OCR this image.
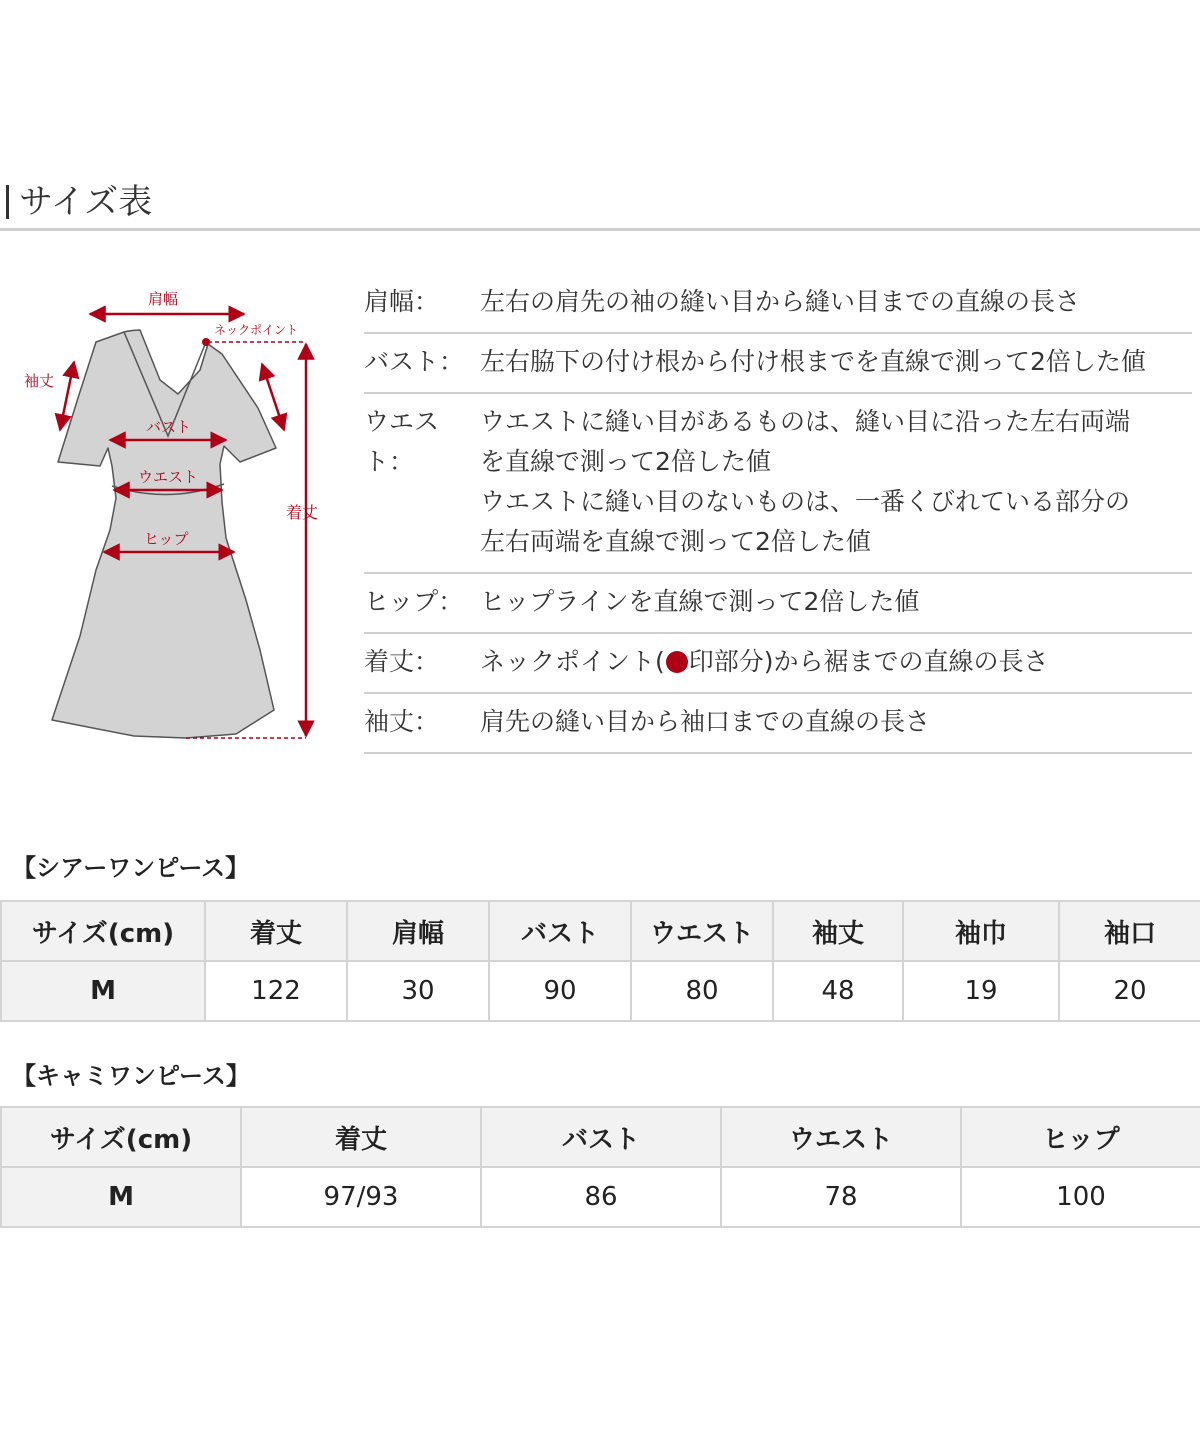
サイズ表
肩幅
ネックポイント
袖丈
バスト
ウエスト
ヒップ
着丈
肩幅：	左右の肩先の袖の縫い目から縫い目までの直線の長さ
バスト： 左右脇下の付け根から付け根までを直線で測って2倍した値
ウエスト：
ウエストに縫い目があるものは、縫い目に沿った左右両端
を直線で測って2倍した値
ウエストに縫い目のないものは、一番くびれている部分の
左右両端を直線で測って2倍した値
ヒップ： ヒップラインを直線で測って2倍した値
着丈：	ネックポイント( 印部分)から裾までの直線の長さ
袖丈：	肩先の縫い目から袖口までの直線の長さ
【シアーワンピース】
サイズ(cm)	着丈	肩幅	バスト	ウエスト	袖丈	袖巾	袖口
M	122	30	90	80	48	19	20
【キャミワンピース】
サイズ(cm)	着丈	バスト	ウエスト	ヒップ
M	97/93	86	78	100
